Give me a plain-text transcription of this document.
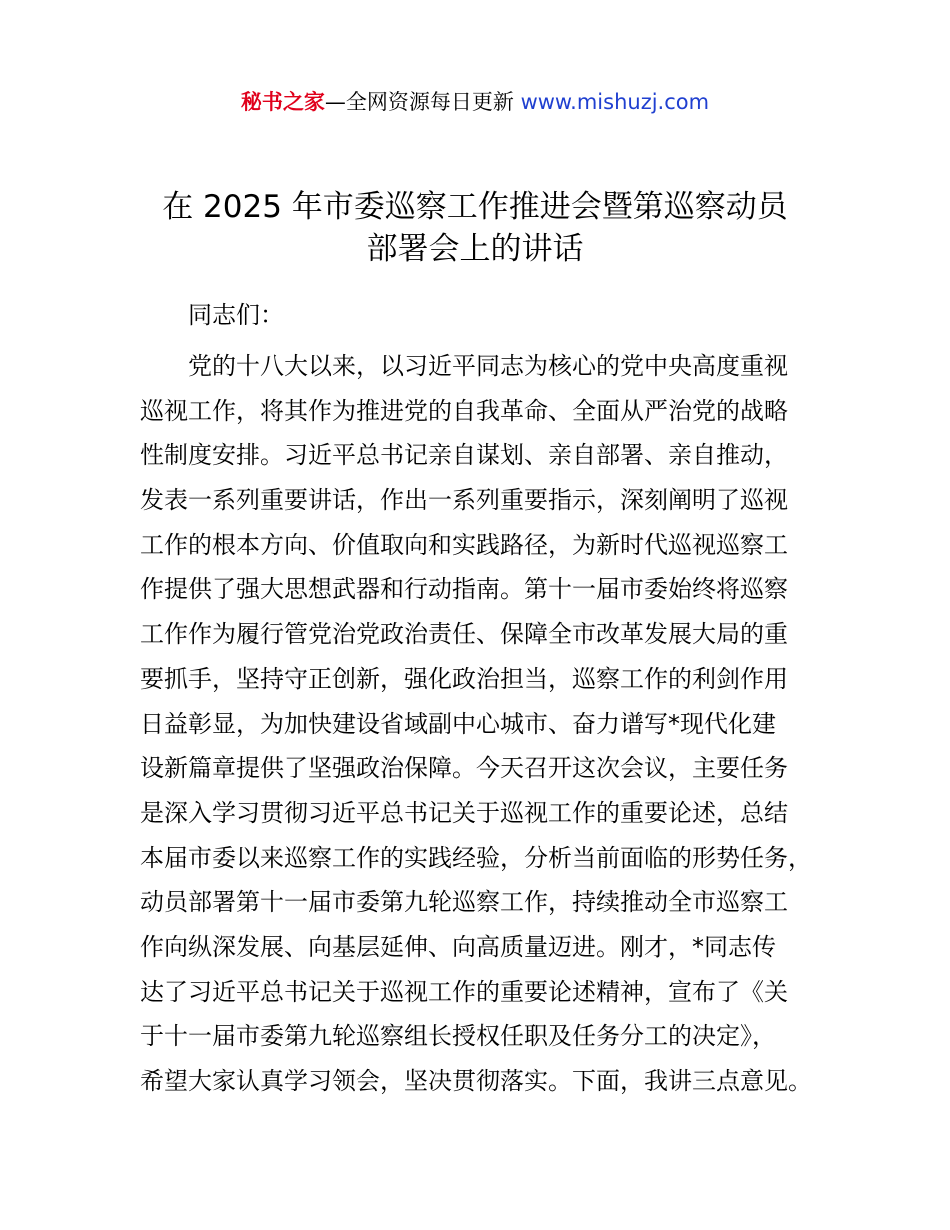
秘书之家—全网资源每日更新 www.mishuzj.com
在 2025 年市委巡察工作推进会暨第巡察动员
部署会上的讲话
同志们：
党的十八大以来，以习近平同志为核心的党中央高度重视
巡视工作，将其作为推进党的自我革命、全面从严治党的战略
性制度安排。习近平总书记亲自谋划、亲自部署、亲自推动，
发表一系列重要讲话，作出一系列重要指示，深刻阐明了巡视
工作的根本方向、价值取向和实践路径，为新时代巡视巡察工
作提供了强大思想武器和行动指南。第十一届市委始终将巡察
工作作为履行管党治党政治责任、保障全市改革发展大局的重
要抓手，坚持守正创新，强化政治担当，巡察工作的利剑作用
日益彰显，为加快建设省域副中心城市、奋力谱写*现代化建
设新篇章提供了坚强政治保障。今天召开这次会议，主要任务
是深入学习贯彻习近平总书记关于巡视工作的重要论述，总结
本届市委以来巡察工作的实践经验，分析当前面临的形势任务，
动员部署第十一届市委第九轮巡察工作，持续推动全市巡察工
作向纵深发展、向基层延伸、向高质量迈进。刚才，*同志传
达了习近平总书记关于巡视工作的重要论述精神，宣布了《关
于十一届市委第九轮巡察组长授权任职及任务分工的决定》，
希望大家认真学习领会，坚决贯彻落实。下面，我讲三点意见。
